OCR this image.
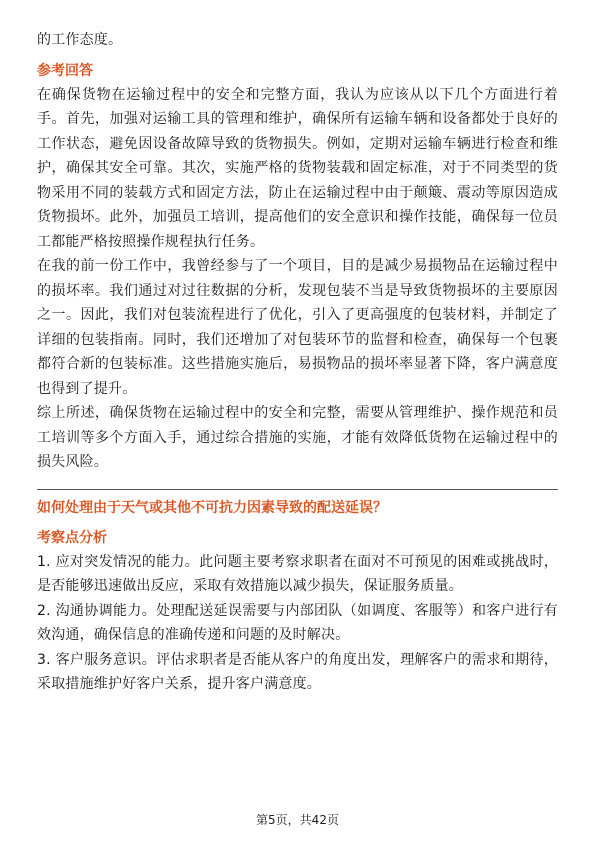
的工作态度。

参考回答

在确保货物在运输过程中的安全和完整方面，我认为应该从以下几个方面进行着手。首先，加强对运输工具的管理和维护，确保所有运输车辆和设备都处于良好的工作状态，避免因设备故障导致的货物损失。例如，定期对运输车辆进行检查和维护，确保其安全可靠。其次，实施严格的货物装载和固定标准，对于不同类型的货物采用不同的装载方式和固定方法，防止在运输过程中由于颠簸、震动等原因造成货物损坏。此外，加强员工培训，提高他们的安全意识和操作技能，确保每一位员工都能严格按照操作规程执行任务。

在我的前一份工作中，我曾经参与了一个项目，目的是减少易损物品在运输过程中的损坏率。我们通过对过往数据的分析，发现包装不当是导致货物损坏的主要原因之一。因此，我们对包装流程进行了优化，引入了更高强度的包装材料，并制定了详细的包装指南。同时，我们还增加了对包装环节的监督和检查，确保每一个包裹都符合新的包装标准。这些措施实施后，易损物品的损坏率显著下降，客户满意度也得到了提升。

综上所述，确保货物在运输过程中的安全和完整，需要从管理维护、操作规范和员工培训等多个方面入手，通过综合措施的实施，才能有效降低货物在运输过程中的损失风险。

如何处理由于天气或其他不可抗力因素导致的配送延误？
考察点分析

1. 应对突发情况的能力。此问题主要考察求职者在面对不可预见的困难或挑战时，是否能够迅速做出反应，采取有效措施以减少损失，保证服务质量。

2. 沟通协调能力。处理配送延误需要与内部团队（如调度、客服等）和客户进行有效沟通，确保信息的准确传递和问题的及时解决。

3. 客户服务意识。评估求职者是否能从客户的角度出发，理解客户的需求和期待，采取措施维护好客户关系，提升客户满意度。

第5页，共42页
